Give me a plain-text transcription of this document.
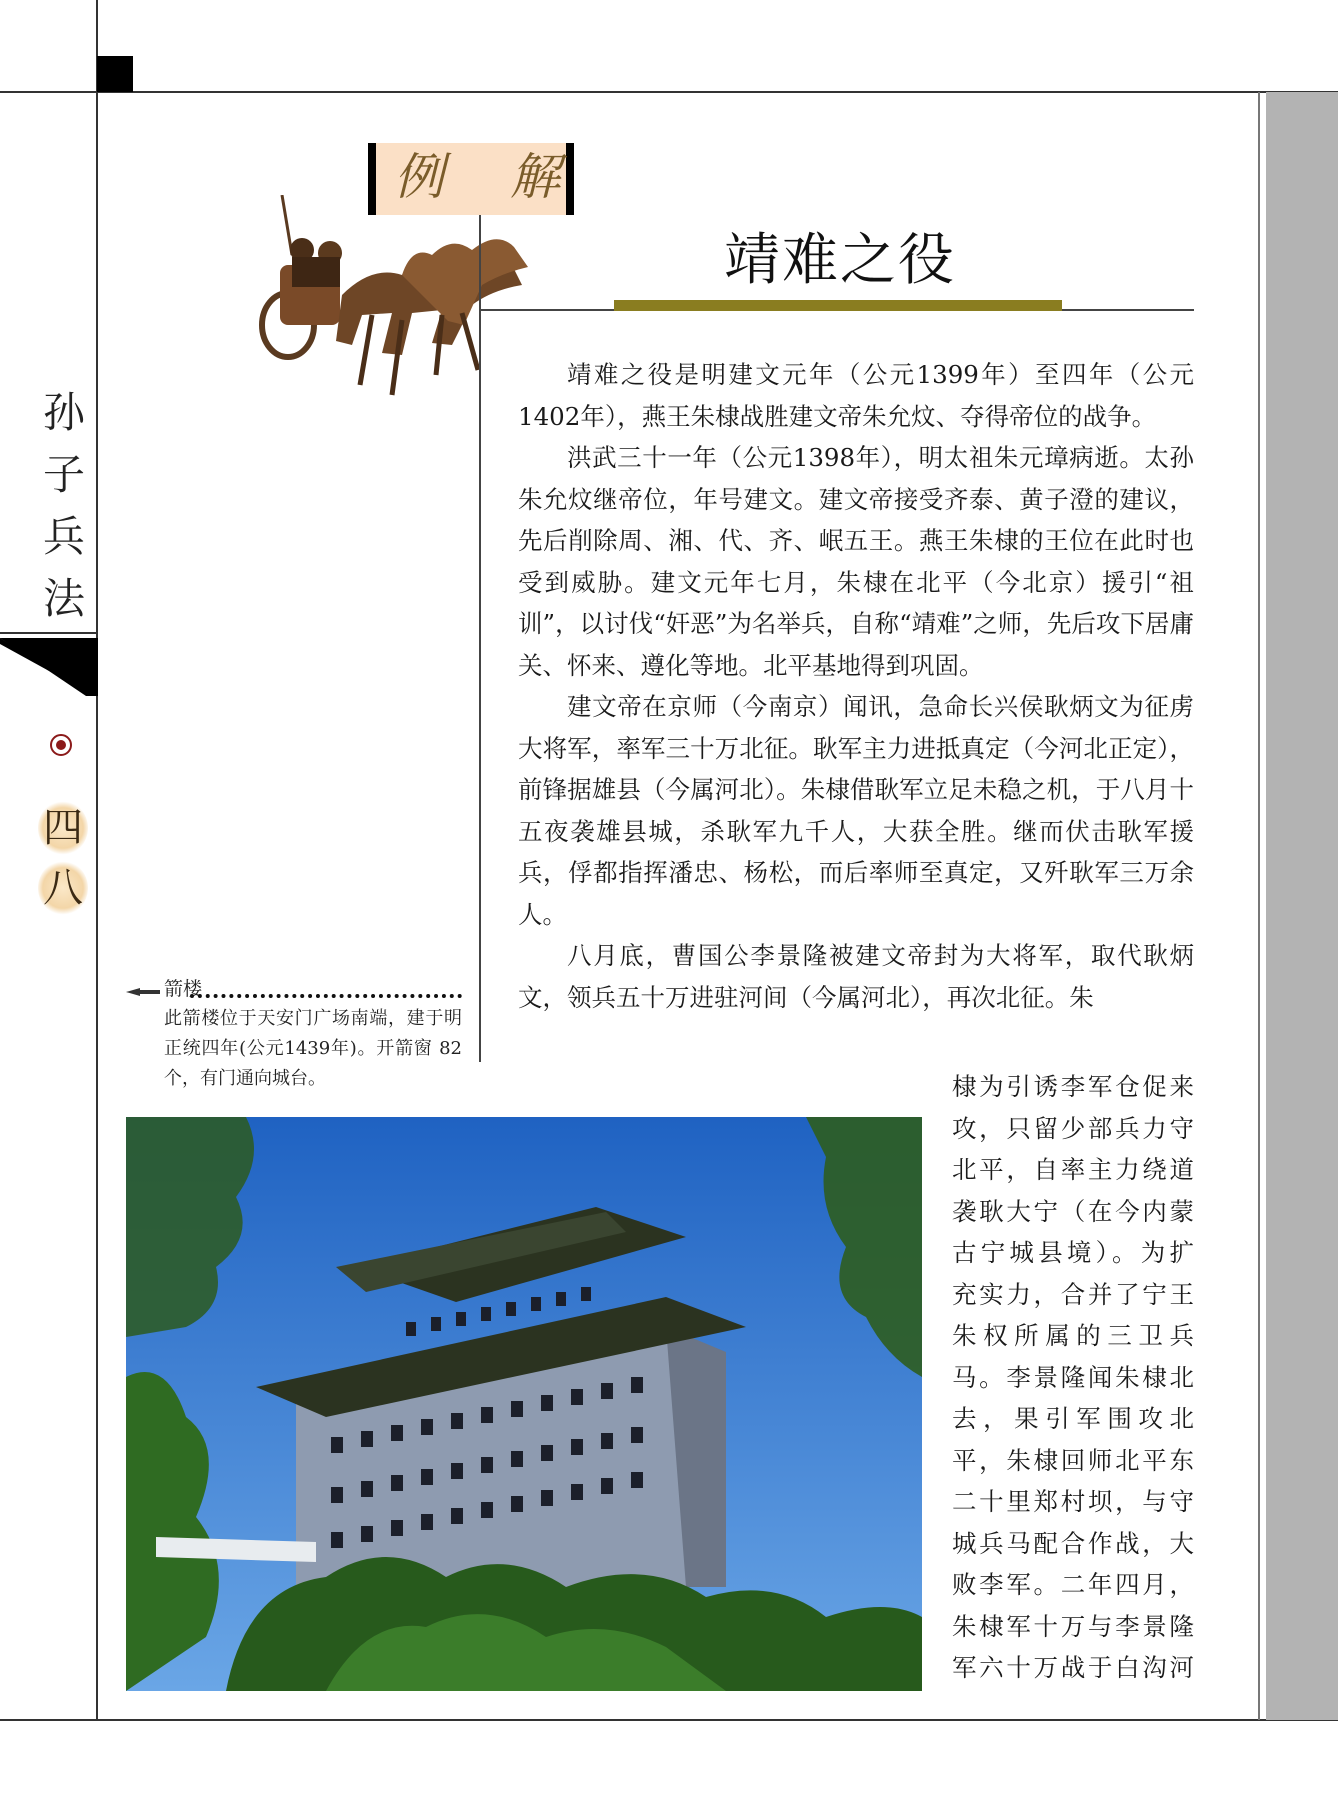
孙
子
兵
法
四
八
例 解
靖难之役

靖难之役是明建文元年（公元1399年）至四年（公元1402年），燕王朱棣战胜建文帝朱允炆、夺得帝位的战争。

洪武三十一年（公元1398年），明太祖朱元璋病逝。太孙朱允炆继帝位，年号建文。建文帝接受齐泰、黄子澄的建议，先后削除周、湘、代、齐、岷五王。燕王朱棣的王位在此时也受到威胁。建文元年七月，朱棣在北平（今北京）援引“祖训”，以讨伐“奸恶”为名举兵，自称“靖难”之师，先后攻下居庸关、怀来、遵化等地。北平基地得到巩固。

建文帝在京师（今南京）闻讯，急命长兴侯耿炳文为征虏大将军，率军三十万北征。耿军主力进抵真定（今河北正定），前锋据雄县（今属河北）。朱棣借耿军立足未稳之机，于八月十五夜袭雄县城，杀耿军九千人，大获全胜。继而伏击耿军援兵，俘都指挥潘忠、杨松，而后率师至真定，又歼耿军三万余人。

八月底，曹国公李景隆被建文帝封为大将军，取代耿炳文，领兵五十万进驻河间（今属河北），再次北征。朱

棣为引诱李军仓促来
攻，只留少部兵力守
北平，自率主力绕道
袭耿大宁（在今内蒙
古宁城县境）。为扩
充实力，合并了宁王
朱权所属的三卫兵
马。李景隆闻朱棣北
去，果引军围攻北
平，朱棣回师北平东
二十里郑村坝，与守
城兵马配合作战，大
败李军。二年四月，
朱棣军十万与李景隆
军六十万战于白沟河
箭楼
此箭楼位于天安门广场南端，建于明正统四年(公元1439年)。开箭窗 82 个，有门通向城台。
